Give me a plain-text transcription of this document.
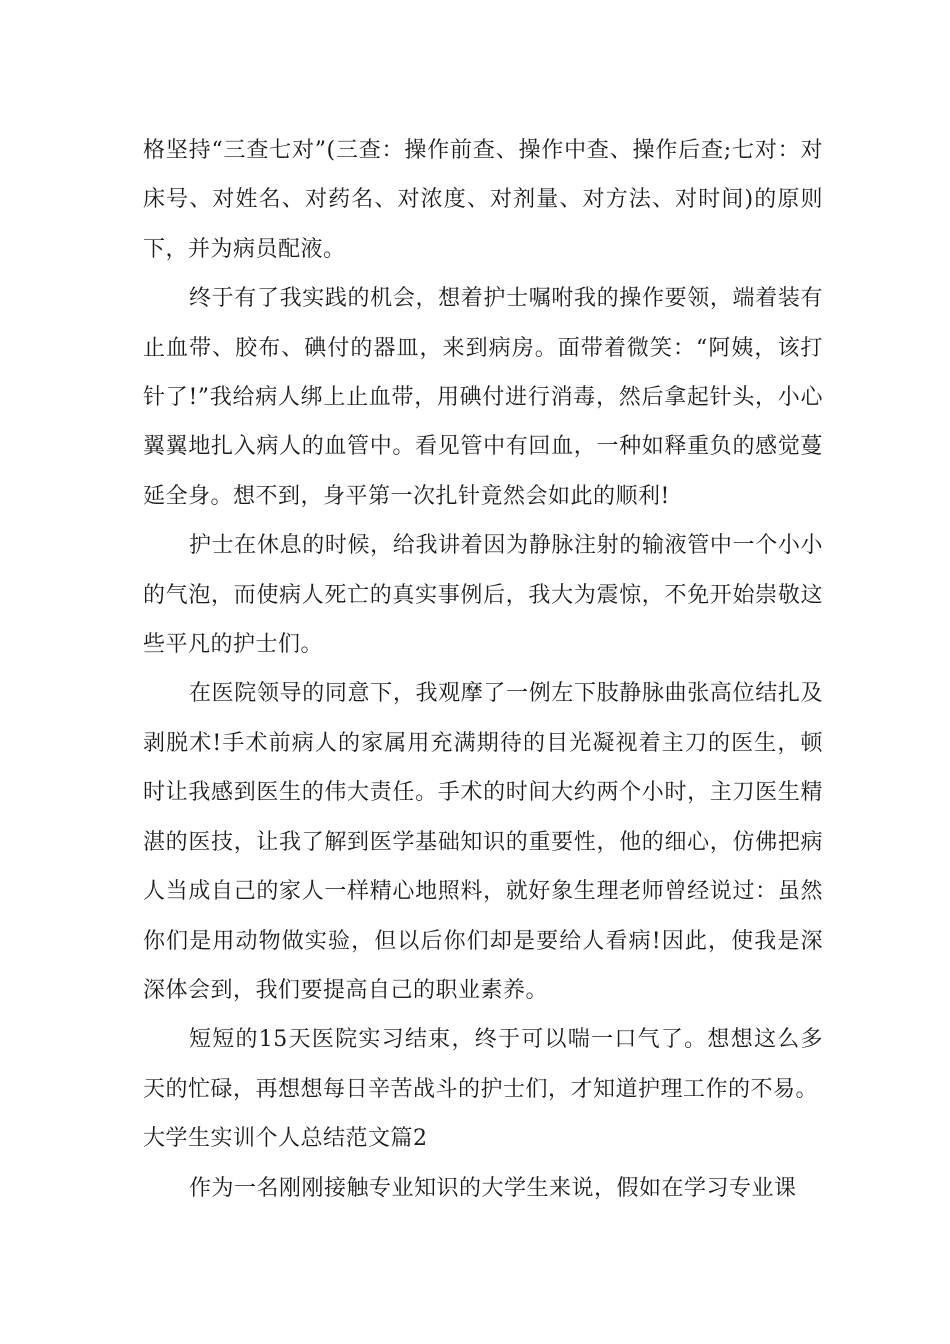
格坚持“三查七对”(三查：操作前查、操作中查、操作后查;七对：对床号、对姓名、对药名、对浓度、对剂量、对方法、对时间)的原则下，并为病员配液。

终于有了我实践的机会，想着护士嘱咐我的操作要领，端着装有止血带、胶布、碘付的器皿，来到病房。面带着微笑：“阿姨，该打针了!”我给病人绑上止血带，用碘付进行消毒，然后拿起针头，小心翼翼地扎入病人的血管中。看见管中有回血，一种如释重负的感觉蔓延全身。想不到，身平第一次扎针竟然会如此的顺利!

护士在休息的时候，给我讲着因为静脉注射的输液管中一个小小的气泡，而使病人死亡的真实事例后，我大为震惊，不免开始崇敬这些平凡的护士们。

在医院领导的同意下，我观摩了一例左下肢静脉曲张高位结扎及剥脱术!手术前病人的家属用充满期待的目光凝视着主刀的医生，顿时让我感到医生的伟大责任。手术的时间大约两个小时，主刀医生精湛的医技，让我了解到医学基础知识的重要性，他的细心，仿佛把病人当成自己的家人一样精心地照料，就好象生理老师曾经说过：虽然你们是用动物做实验，但以后你们却是要给人看病!因此，使我是深深体会到，我们要提高自己的职业素养。

短短的15天医院实习结束，终于可以喘一口气了。想想这么多天的忙碌，再想想每日辛苦战斗的护士们，才知道护理工作的不易。

大学生实训个人总结范文篇2

作为一名刚刚接触专业知识的大学生来说，假如在学习专业课
